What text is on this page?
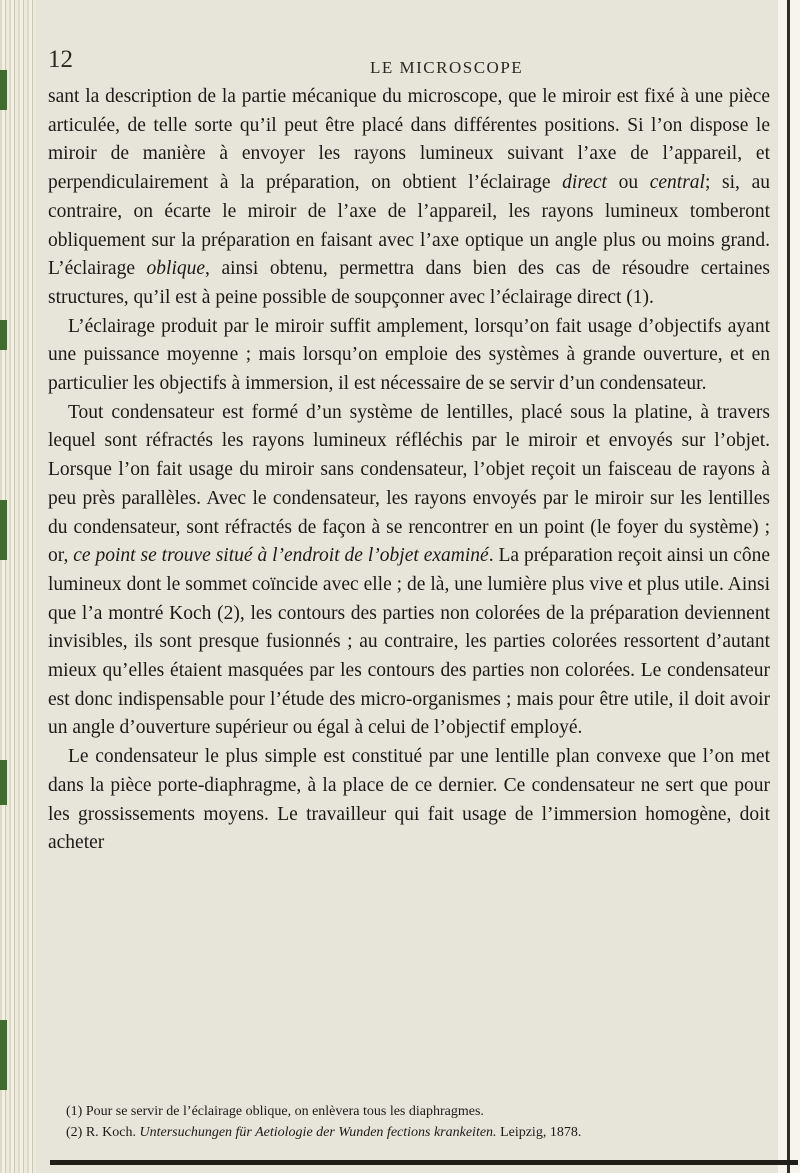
12	LE MICROSCOPE

sant la description de la partie mécanique du microscope, que le miroir est fixé à une pièce articulée, de telle sorte qu’il peut être placé dans différentes positions. Si l’on dispose le miroir de manière à envoyer les rayons lumineux suivant l’axe de l’appareil, et perpendiculairement à la préparation, on obtient l’éclairage direct ou central; si, au contraire, on écarte le miroir de l’axe de l’appareil, les rayons lumineux tomberont obliquement sur la préparation en faisant avec l’axe optique un angle plus ou moins grand. L’éclairage oblique, ainsi obtenu, permettra dans bien des cas de résoudre certaines structures, qu’il est à peine possible de soupçonner avec l’éclairage direct (1).

L’éclairage produit par le miroir suffit amplement, lorsqu’on fait usage d’objectifs ayant une puissance moyenne ; mais lorsqu’on emploie des systèmes à grande ouverture, et en particulier les objectifs à immersion, il est nécessaire de se servir d’un condensateur.

Tout condensateur est formé d’un système de lentilles, placé sous la platine, à travers lequel sont réfractés les rayons lumineux réfléchis par le miroir et envoyés sur l’objet. Lorsque l’on fait usage du miroir sans condensateur, l’objet reçoit un faisceau de rayons à peu près parallèles. Avec le condensateur, les rayons envoyés par le miroir sur les lentilles du condensateur, sont réfractés de façon à se rencontrer en un point (le foyer du système) ; or, ce point se trouve situé à l’endroit de l’objet examiné. La préparation reçoit ainsi un cône lumineux dont le sommet coïncide avec elle ; de là, une lumière plus vive et plus utile. Ainsi que l’a montré Koch (2), les contours des parties non colorées de la préparation deviennent invisibles, ils sont presque fusionnés ; au contraire, les parties colorées ressortent d’autant mieux qu’elles étaient masquées par les contours des parties non colorées. Le condensateur est donc indispensable pour l’étude des micro-organismes ; mais pour être utile, il doit avoir un angle d’ouverture supérieur ou égal à celui de l’objectif employé.

Le condensateur le plus simple est constitué par une lentille plan convexe que l’on met dans la pièce porte-diaphragme, à la place de ce dernier. Ce condensateur ne sert que pour les grossissements moyens. Le travailleur qui fait usage de l’immersion homogène, doit acheter

(1) Pour se servir de l’éclairage oblique, on enlèvera tous les diaphragmes.

(2) R. Koch. Untersuchungen für Aetiologie der Wunden fections krankeiten. Leipzig, 1878.
